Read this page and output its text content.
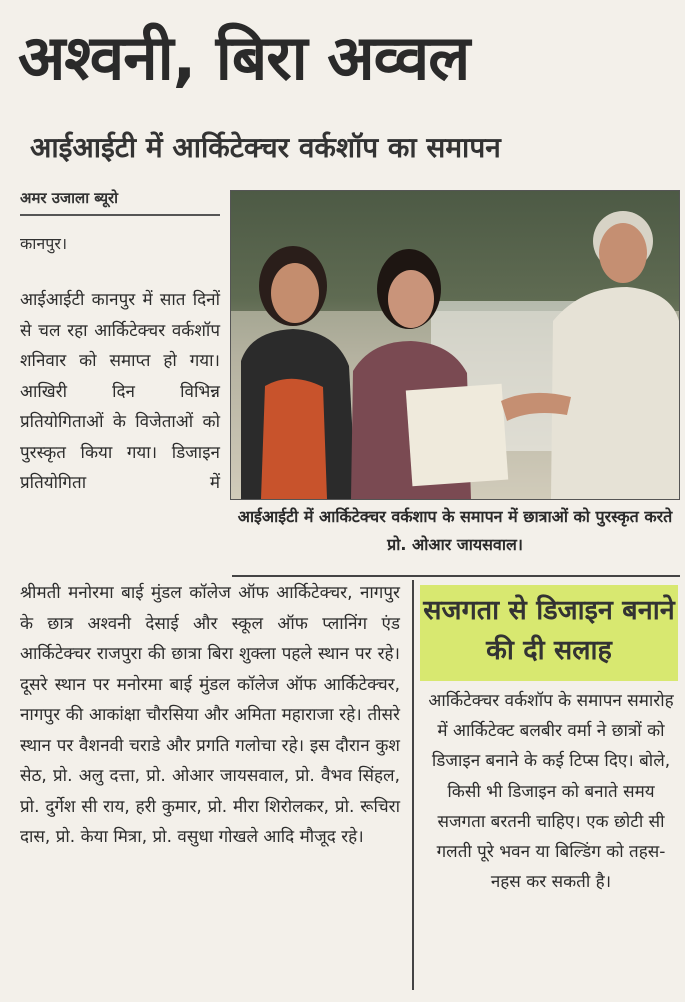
अश्वनी, बिरा अव्वल
आईआईटी में आर्किटेक्चर वर्कशॉप का समापन
अमर उजाला ब्यूरो
कानपुर।
आईआईटी कानपुर में सात दिनों से चल रहा आर्किटेक्चर वर्कशॉप शनिवार को समाप्त हो गया। आखिरी दिन विभिन्न प्रतियोगिताओं के विजेताओं को पुरस्कृत किया गया। डिजाइन प्रतियोगिता में
आईआईटी में आर्किटेक्चर वर्कशाप के समापन में छात्राओं को पुरस्कृत करते प्रो. ओआर जायसवाल।
श्रीमती मनोरमा बाई मुंडल कॉलेज ऑफ आर्किटेक्चर, नागपुर के छात्र अश्वनी देसाई और स्कूल ऑफ प्लानिंग एंड आर्किटेक्चर राजपुरा की छात्रा बिरा शुक्ला पहले स्थान पर रहे। दूसरे स्थान पर मनोरमा बाई मुंडल कॉलेज ऑफ आर्किटेक्चर, नागपुर की आकांक्षा चौरसिया और अमिता महाराजा रहे। तीसरे स्थान पर वैशनवी चराडे और प्रगति गलोचा रहे। इस दौरान कुश सेठ, प्रो. अलु दत्ता, प्रो. ओआर जायसवाल, प्रो. वैभव सिंहल, प्रो. दुर्गेश सी राय, हरी कुमार, प्रो. मीरा शिरोलकर, प्रो. रूचिरा दास, प्रो. केया मित्रा, प्रो. वसुधा गोखले आदि मौजूद रहे।
सजगता से डिजाइन बनाने की दी सलाह
आर्किटेक्चर वर्कशॉप के समापन समारोह में आर्किटेक्ट बलबीर वर्मा ने छात्रों को डिजाइन बनाने के कई टिप्स दिए। बोले, किसी भी डिजाइन को बनाते समय सजगता बरतनी चाहिए। एक छोटी सी गलती पूरे भवन या बिल्डिंग को तहस-नहस कर सकती है।
